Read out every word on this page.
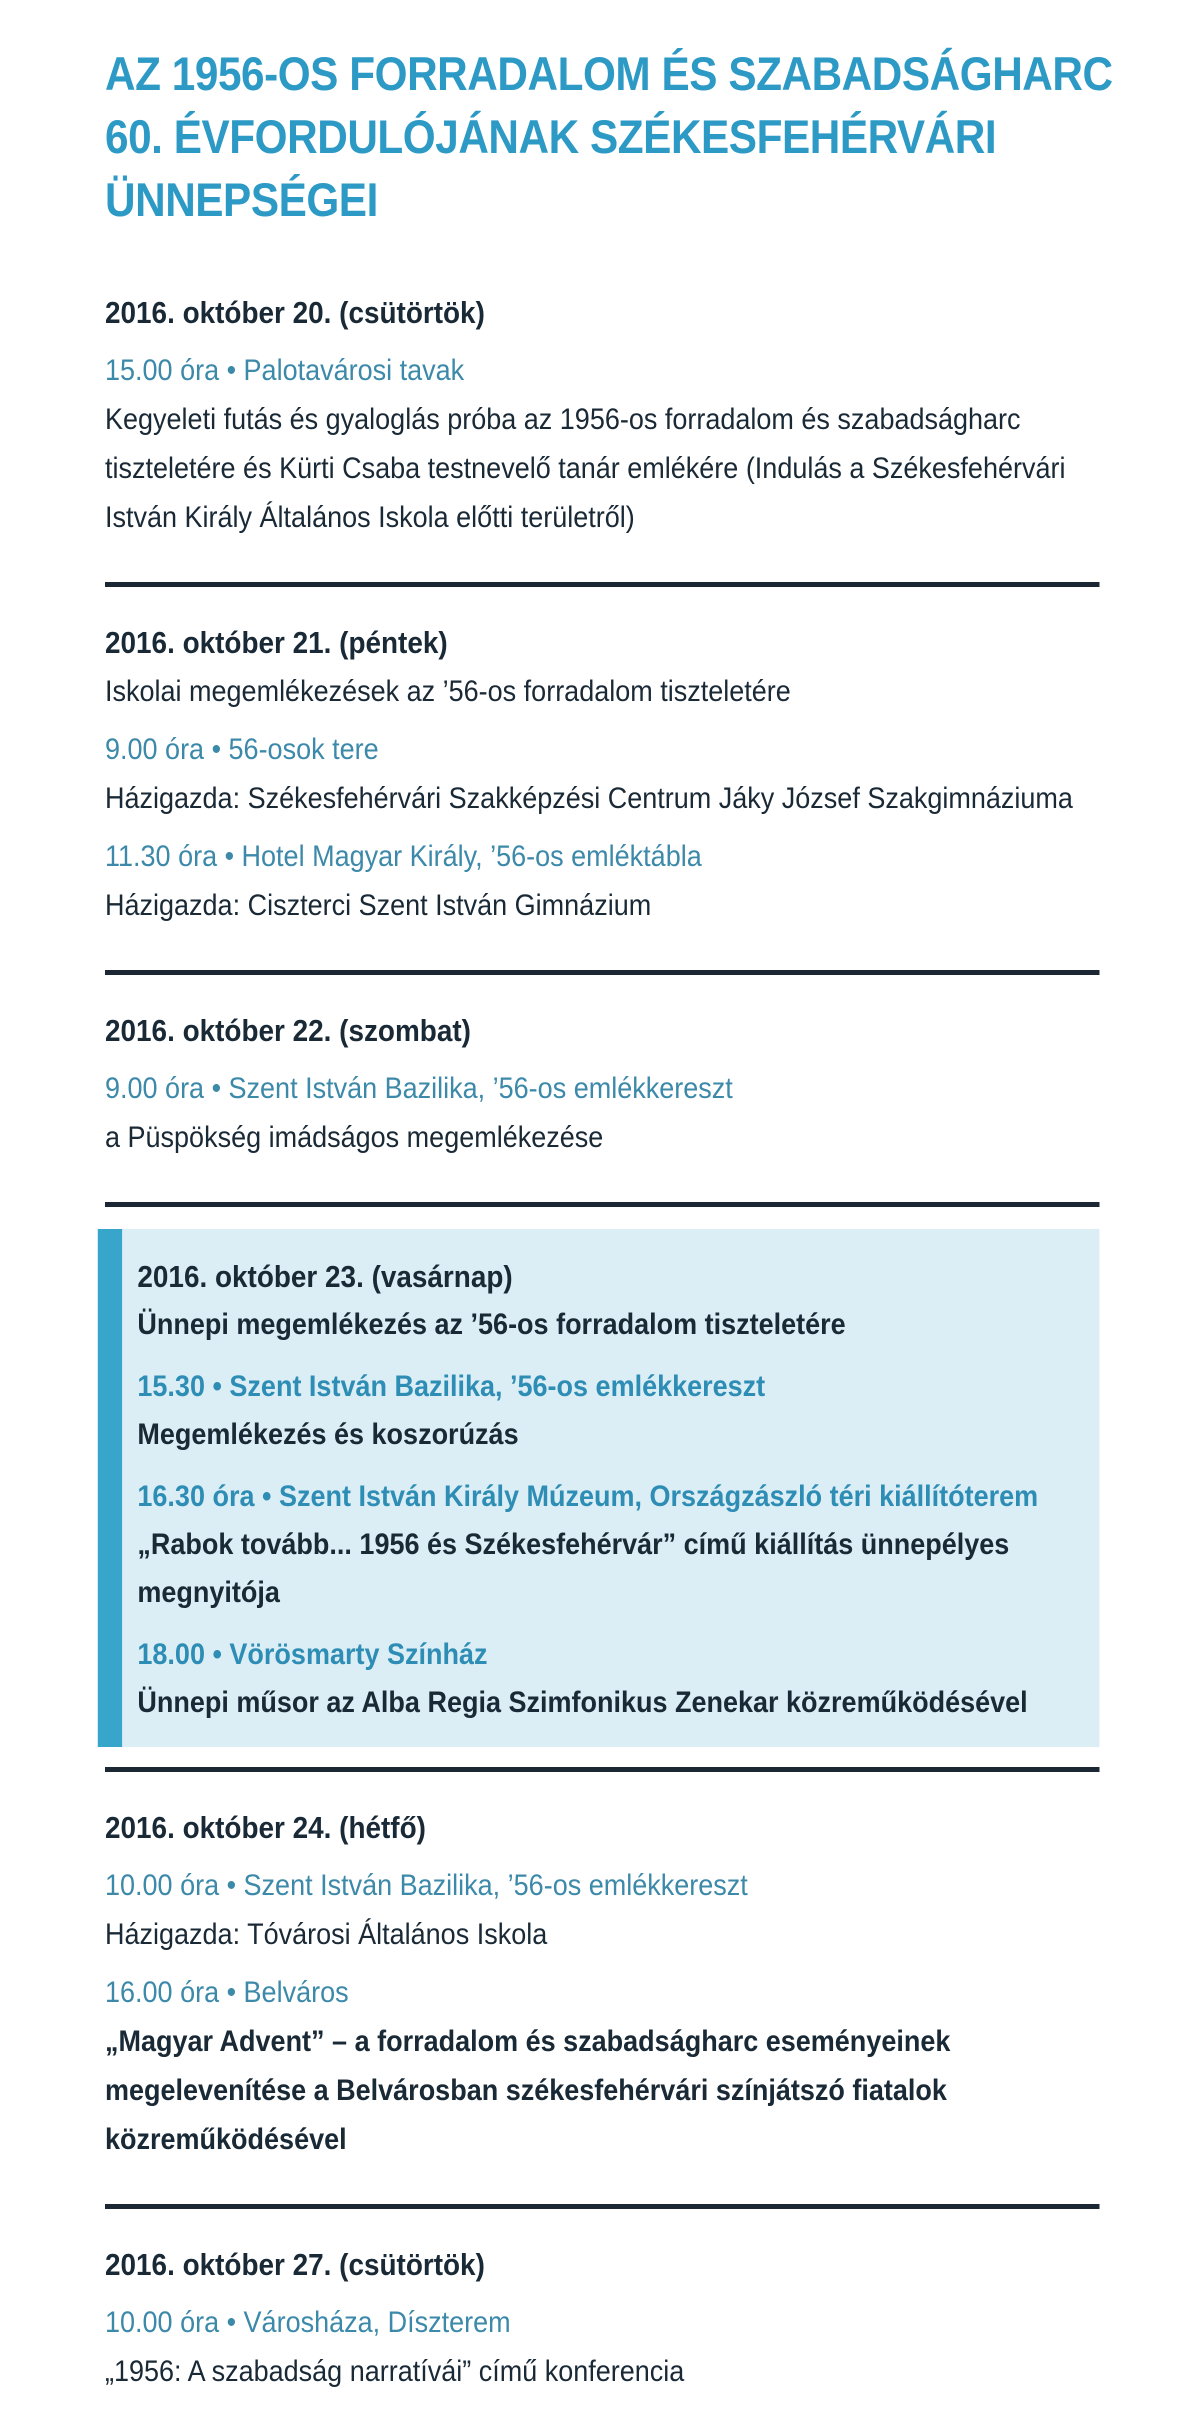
AZ 1956-OS FORRADALOM ÉS SZABADSÁGHARC
60. ÉVFORDULÓJÁNAK SZÉKESFEHÉRVÁRI
ÜNNEPSÉGEI
2016. október 20. (csütörtök)
15.00 óra • Palotavárosi tavak
Kegyeleti futás és gyaloglás próba az 1956-os forradalom és szabadságharc tiszteletére és Kürti Csaba testnevelő tanár emlékére (Indulás a Székesfehérvári István Király Általános Iskola előtti területről)
2016. október 21. (péntek)
Iskolai megemlékezések az ’56-os forradalom tiszteletére
9.00 óra • 56-osok tere
Házigazda: Székesfehérvári Szakképzési Centrum Jáky József Szakgimnáziuma
11.30 óra • Hotel Magyar Király, ’56-os emléktábla
Házigazda: Ciszterci Szent István Gimnázium
2016. október 22. (szombat)
9.00 óra • Szent István Bazilika, ’56-os emlékkereszt
a Püspökség imádságos megemlékezése
2016. október 23. (vasárnap)
Ünnepi megemlékezés az ’56-os forradalom tiszteletére
15.30 • Szent István Bazilika, ’56-os emlékkereszt
Megemlékezés és koszorúzás
16.30 óra • Szent István Király Múzeum, Országzászló téri kiállítóterem
„Rabok tovább... 1956 és Székesfehérvár” című kiállítás ünnepélyes megnyitója
18.00 • Vörösmarty Színház
Ünnepi műsor az Alba Regia Szimfonikus Zenekar közreműködésével
2016. október 24. (hétfő)
10.00 óra • Szent István Bazilika, ’56-os emlékkereszt
Házigazda: Tóvárosi Általános Iskola
16.00 óra • Belváros
„Magyar Advent” – a forradalom és szabadságharc eseményeinek megelevenítése a Belvárosban székesfehérvári színjátszó fiatalok közreműködésével
2016. október 27. (csütörtök)
10.00 óra • Városháza, Díszterem
„1956: A szabadság narratívái” című konferencia
